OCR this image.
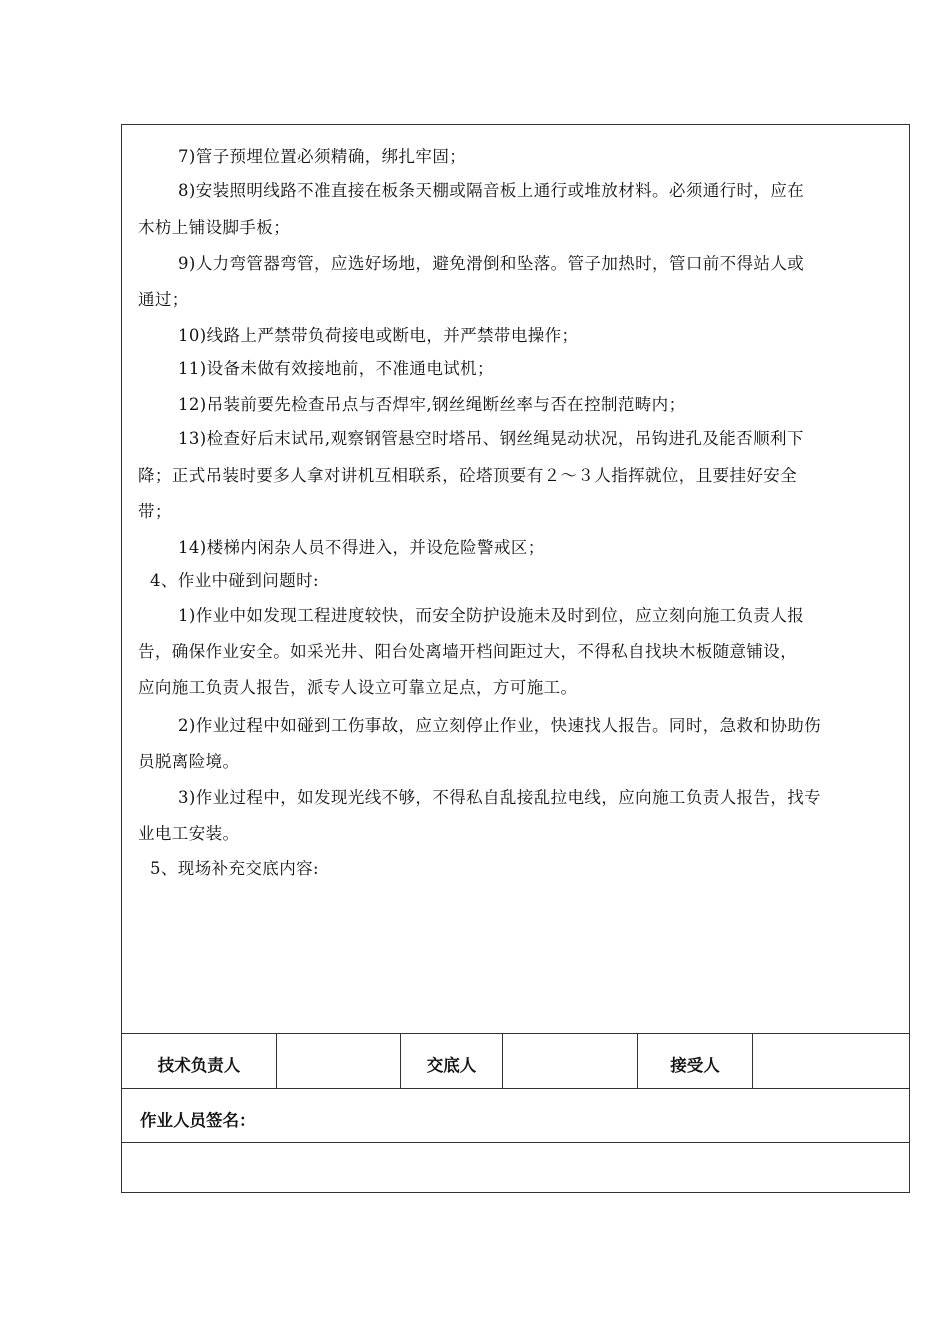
7)管子预埋位置必须精确，绑扎牢固；
8)安装照明线路不准直接在板条天棚或隔音板上通行或堆放材料。必须通行时，应在
木枋上铺设脚手板；
9)人力弯管器弯管，应选好场地，避免滑倒和坠落。管子加热时，管口前不得站人或
通过；
10)线路上严禁带负荷接电或断电，并严禁带电操作；
11)设备未做有效接地前，不准通电试机；
12)吊装前要先检查吊点与否焊牢,钢丝绳断丝率与否在控制范畴内；
13)检查好后末试吊,观察钢管悬空时塔吊、钢丝绳晃动状况，吊钩进孔及能否顺利下
降；正式吊装时要多人拿对讲机互相联系，砼塔顶要有２～３人指挥就位，且要挂好安全
带；
14)楼梯内闲杂人员不得进入，并设危险警戒区；
4、作业中碰到问题时:
1)作业中如发现工程进度较快，而安全防护设施未及时到位，应立刻向施工负责人报
告，确保作业安全。如采光井、阳台处离墙开档间距过大，不得私自找块木板随意铺设，
应向施工负责人报告，派专人设立可靠立足点，方可施工。
2)作业过程中如碰到工伤事故，应立刻停止作业，快速找人报告。同时，急救和协助伤
员脱离险境。
3)作业过程中，如发现光线不够，不得私自乱接乱拉电线，应向施工负责人报告，找专
业电工安装。
5、现场补充交底内容:
技术负责人	交底人	接受人
作业人员签名：
